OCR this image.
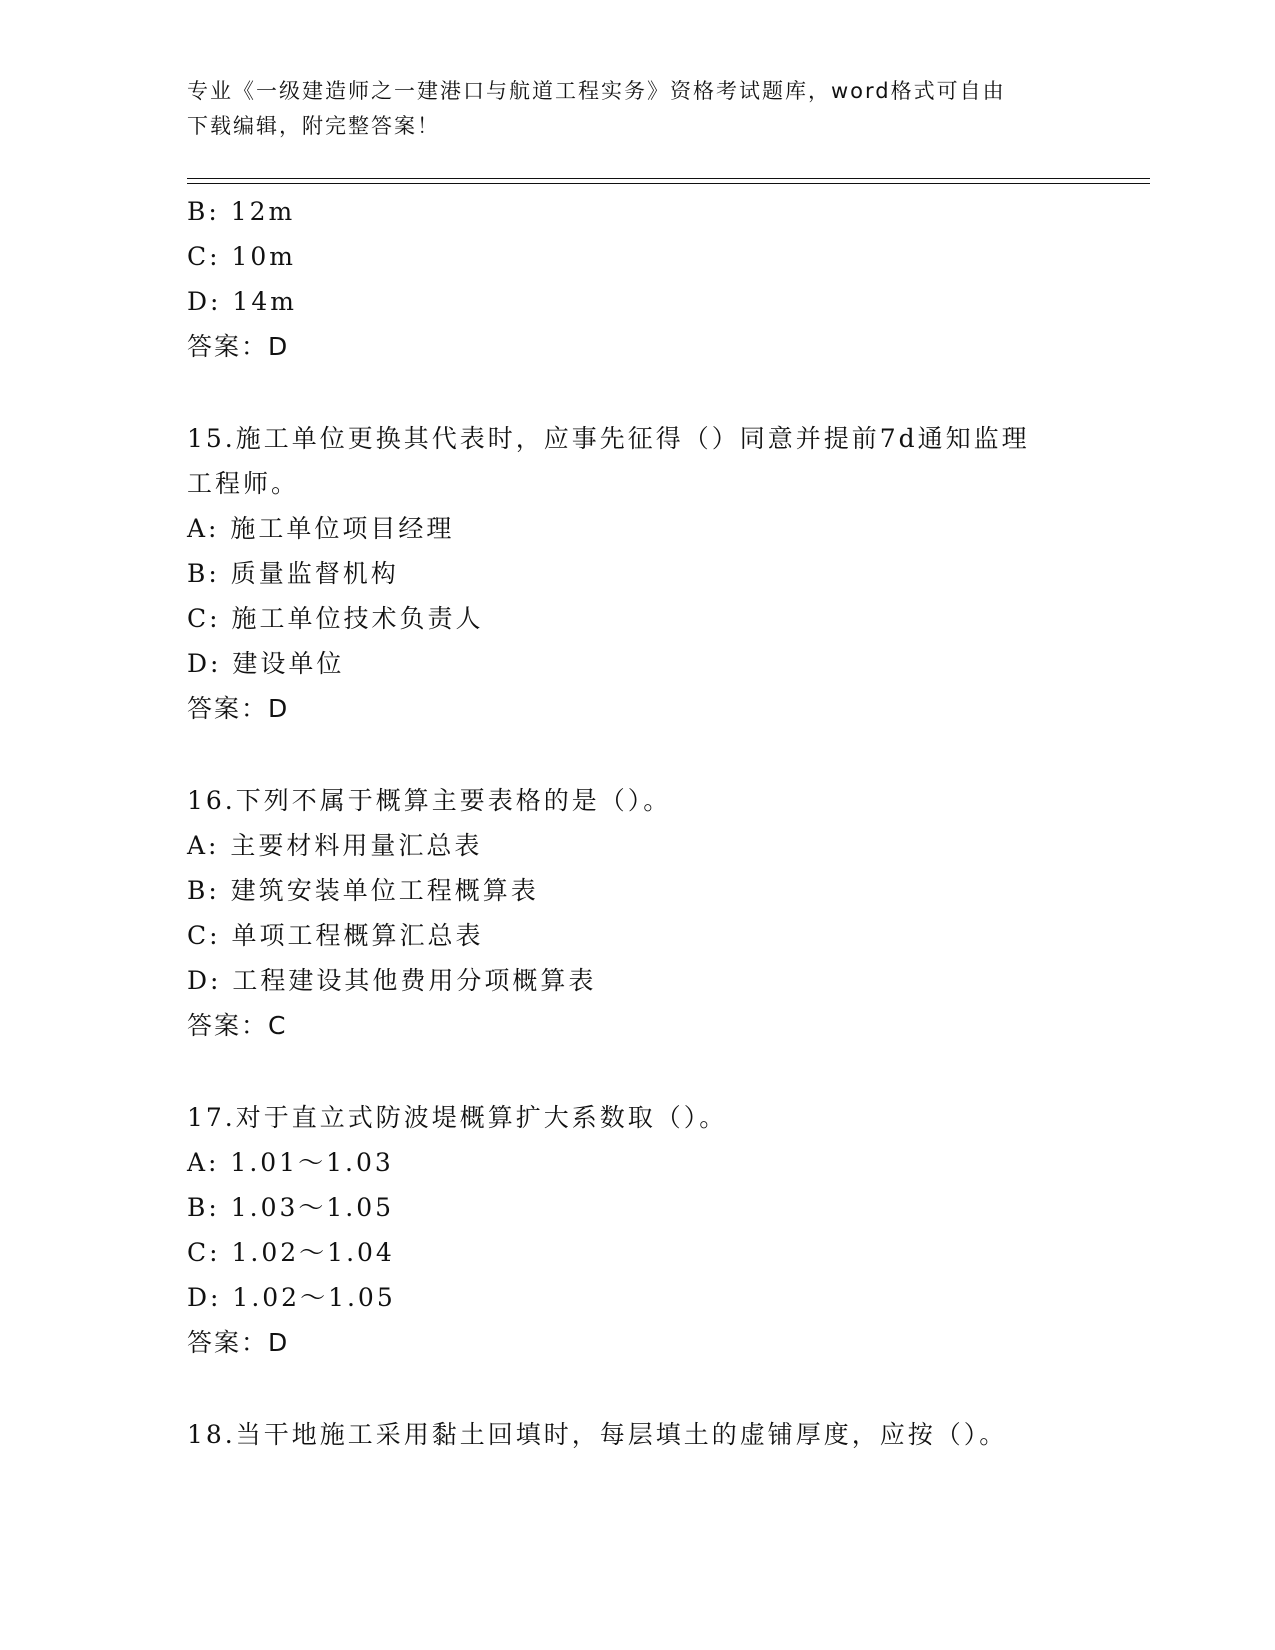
专业《一级建造师之一建港口与航道工程实务》资格考试题库，word格式可自由
下载编辑，附完整答案！
B: 12m
C: 10m
D: 14m
答案：D
15.施工单位更换其代表时，应事先征得（）同意并提前7d通知监理
工程师。
A: 施工单位项目经理
B: 质量监督机构
C: 施工单位技术负责人
D: 建设单位
答案：D
16.下列不属于概算主要表格的是（）。
A: 主要材料用量汇总表
B: 建筑安装单位工程概算表
C: 单项工程概算汇总表
D: 工程建设其他费用分项概算表
答案：C
17.对于直立式防波堤概算扩大系数取（）。
A: 1.01～1.03
B: 1.03～1.05
C: 1.02～1.04
D: 1.02～1.05
答案：D
18.当干地施工采用黏土回填时，每层填土的虚铺厚度，应按（）。
